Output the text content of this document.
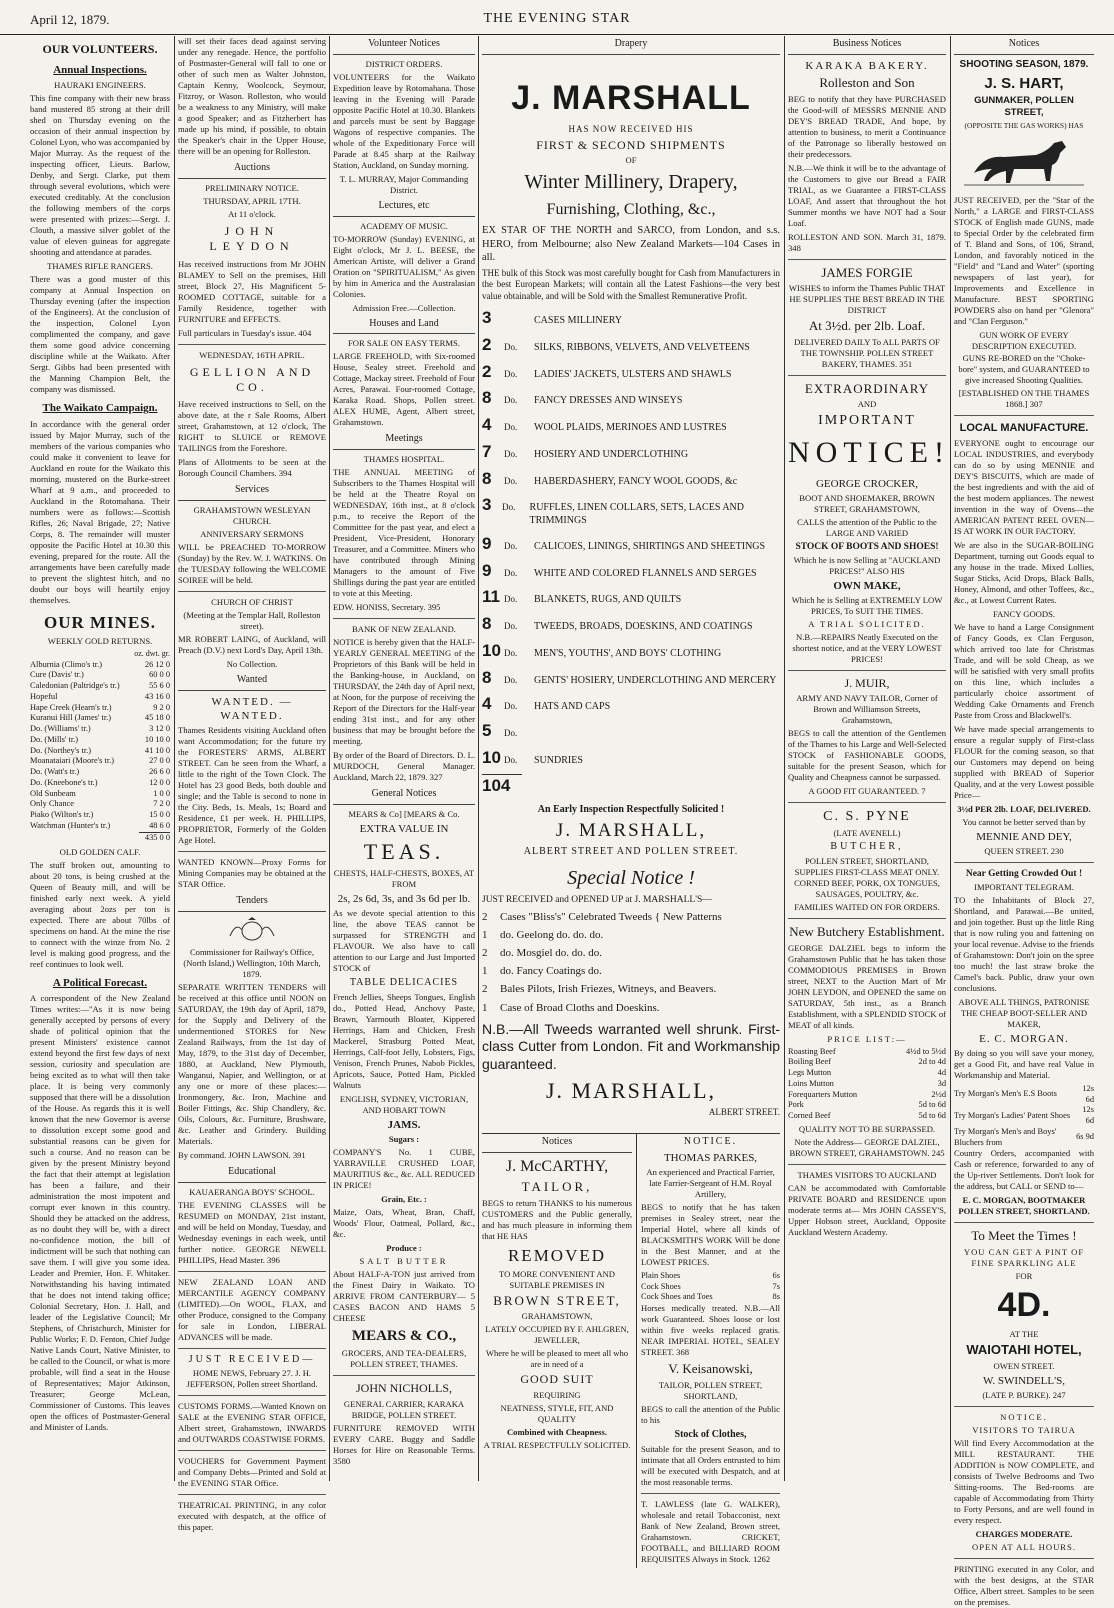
April 12, 1879.	THE EVENING STAR
OUR VOLUNTEERS.
Annual Inspections.
HAURAKI ENGINEERS.
This fine company with their new brass band mustered 85 strong at their drill shed on Thursday evening on the occasion of their annual inspection by Colonel Lyon, who was accompanied by Major Murray. As the request of the inspecting officer, Lieuts. Barlow, Denby, and Sergt. Clarke, put them through several evolutions, which were executed creditably. At the conclusion the following members of the corps were presented with prizes:—Sergt. J. Clouth, a massive silver goblet of the value of eleven guineas for aggregate shooting and attendance at parades.
THAMES RIFLE RANGERS.
There was a good muster of this company at Annual Inspection on Thursday evening (after the inspection of the Engineers). At the conclusion of the inspection, Colonel Lyon complimented the company, and gave them some good advice concerning discipline while at the Waikato. After Sergt. Gibbs had been presented with the Manning Champion Belt, the company was dismissed.
The Waikato Campaign.
In accordance with the general order issued by Major Murray, such of the members of the various companies who could make it convenient to leave for Auckland en route for the Waikato this morning, mustered on the Burke-street Wharf at 9 a.m., and proceeded to Auckland in the Rotomahana. Their numbers were as follows:—Scottish Rifles, 26; Naval Brigade, 27; Native Corps, 8. The remainder will muster opposite the Pacific Hotel at 10.30 this evening, prepared for the route. All the arrangements have been carefully made to prevent the slightest hitch, and no doubt our boys will heartily enjoy themselves.
OUR MINES.
WEEKLY GOLD RETURNS.
oz. dwt. gr.
Alburnia (Climo's tr.)	26 12 0
Cure (Davis' tr.)	60 0 0
Caledonian (Paltridge's tr.)	55 6 0
Hopeful	43 16 0
Hape Creek (Hearn's tr.)	9 2 0
Kuranui Hill (James' tr.)	45 18 0
Do. (Williams' tr.)	3 12 0
Do. (Mills' tr.)	10 10 0
Do. (Northey's tr.)	41 10 0
Moanataiari (Moore's tr.)	27 0 0
Do. (Watt's tr.)	26 6 0
Do. (Kneebone's tr.)	12 0 0
Old Sunbeam	1 0 0
Only Chance	7 2 0
Piako (Wilton's tr.)	15 0 0
Watchman (Hunter's tr.)	48 6 0
	435 0 0
OLD GOLDEN CALF.
The stuff broken out, amounting to about 20 tons, is being crushed at the Queen of Beauty mill, and will be finished early next week. A yield averaging about 2ozs per ton is expected. There are about 70lbs of specimens on hand. At the mine the rise to connect with the winze from No. 2 level is making good progress, and the reef continues to look well.
A Political Forecast.
A correspondent of the New Zealand Times writes:—"As it is now being generally accepted by persons of every shade of political opinion that the present Ministers' existence cannot extend beyond the first few days of next session, curiosity and speculation are being excited as to what will then take place. It is being very commonly supposed that there will be a dissolution of the House. As regards this it is well known that the new Governor is averse to dissolution except some good and substantial reasons can be given for such a course. And no reason can be given by the present Ministry beyond the fact that their attempt at legislation has been a failure, and their administration the most impotent and corrupt ever known in this country. Should they be attacked on the address, as no doubt they will be, with a direct no-confidence motion, the bill of indictment will be such that nothing can save them. I will give you some idea. Leader and Premier, Hon. F. Whitaker. Notwithstanding his having intimated that he does not intend taking office; Colonial Secretary, Hon. J. Hall, and leader of the Legislative Council; Mr Stephens, of Christchurch, Minister for Public Works; F. D. Fenton, Chief Judge Native Lands Court, Native Minister, to be called to the Council, or what is more probable, will find a seat in the House of Representatives; Major Atkinson, Treasurer; George McLean, Commissioner of Customs. This leaves open the offices of Postmaster-General and Minister of Lands.
will set their faces dead against serving under any renegade. Hence, the portfolio of Postmaster-General will fall to one or other of such men as Walter Johnston, Captain Kenny, Woolcock, Seymour, Fitzroy, or Wason. Rolleston, who would be a weakness to any Ministry, will make a good Speaker; and as Fitzherbert has made up his mind, if possible, to obtain the Speaker's chair in the Upper House, there will be an opening for Rolleston.
Auctions
PRELIMINARY NOTICE.
THURSDAY, APRIL 17TH.
At 11 o'clock.
JOHN LEYDON
Has received instructions from Mr JOHN BLAMEY to Sell on the premises, Hill street, Block 27, His Magnificent 5-ROOMED COTTAGE, suitable for a Family Residence, together with FURNITURE and EFFECTS.
Full particulars in Tuesday's issue. 404
WEDNESDAY, 16TH APRIL.
GELLION AND CO.
Have received instructions to Sell, on the above date, at the r Sale Rooms, Albert street, Grahamstown, at 12 o'clock, The RIGHT to SLUICE or REMOVE TAILINGS from the Foreshore.
Plans of Allotments to be seen at the Borough Council Chambers. 394
Services
GRAHAMSTOWN WESLEYAN CHURCH.
ANNIVERSARY SERMONS
WILL be PREACHED TO-MORROW (Sunday) by the Rev. W. J. WATKINS. On the TUESDAY following the WELCOME SOIREE will be held.
CHURCH OF CHRIST
(Meeting at the Templar Hall, Rolleston street).
MR ROBERT LAING, of Auckland, will Preach (D.V.) next Lord's Day, April 13th.
No Collection.
Wanted
WANTED. — WANTED.
Thames Residents visiting Auckland often want Accommodation; for the future try the FORESTERS' ARMS, ALBERT STREET. Can be seen from the Wharf, a little to the right of the Town Clock. The Hotel has 23 good Beds, both double and single; and the Table is second to none in the City. Beds, 1s. Meals, 1s; Board and Residence, £1 per week. H. PHILLIPS, PROPRIETOR, Formerly of the Golden Age Hotel.
WANTED KNOWN—Proxy Forms for Mining Companies may be obtained at the STAR Office.
Tenders
Commissioner for Railway's Office, (North Island,) Wellington, 10th March, 1879.
SEPARATE WRITTEN TENDERS will be received at this office until NOON on SATURDAY, the 19th day of April, 1879, for the Supply and Delivery of the undermentioned STORES for New Zealand Railways, from the 1st day of May, 1879, to the 31st day of December, 1880, at Auckland, New Plymouth, Wanganui, Napier, and Wellington, or at any one or more of these places:— Ironmongery, &c. Iron, Machine and Boiler Fittings, &c. Ship Chandlery, &c. Oils, Colours, &c. Furniture, Brushware, &c. Leather and Grindery. Building Materials.
By command. JOHN LAWSON. 391
Educational
KAUAERANGA BOYS' SCHOOL.
THE EVENING CLASSES will be RESUMED on MONDAY, 21st instant, and will be held on Monday, Tuesday, and Wednesday evenings in each week, until further notice. GEORGE NEWELL PHILLIPS, Head Master. 396
NEW ZEALAND LOAN AND MERCANTILE AGENCY COMPANY (LIMITED).—On WOOL, FLAX, and other Produce, consigned to the Company for sale in London, LIBERAL ADVANCES will be made.
JUST RECEIVED—
HOME NEWS, February 27. J. H. JEFFERSON, Pollen street Shortland.
CUSTOMS FORMS.—Wanted Known on SALE at the EVENING STAR OFFICE, Albert street, Grahamstown, INWARDS and OUTWARDS COASTWISE FORMS.
VOUCHERS for Government Payment and Company Debts—Printed and Sold at the EVENING STAR Office.
THEATRICAL PRINTING, in any color executed with despatch, at the office of this paper.
Volunteer Notices
DISTRICT ORDERS.
VOLUNTEERS for the Waikato Expedition leave by Rotomahana. Those leaving in the Evening will Parade opposite Pacific Hotel at 10.30. Blankets and parcels must be sent by Baggage Wagons of respective companies. The whole of the Expeditionary Force will Parade at 8.45 sharp at the Railway Station, Auckland, on Sunday morning.
T. L. MURRAY, Major Commanding District.
Lectures, etc
ACADEMY OF MUSIC.
TO-MORROW (Sunday) EVENING, at Eight o'clock, Mr J. L. BEESE, the American Artiste, will deliver a Grand Oration on "SPIRITUALISM," As given by him in America and the Australasian Colonies.
Admission Free.—Collection.
Houses and Land
FOR SALE ON EASY TERMS.
LARGE FREEHOLD, with Six-roomed House, Sealey street. Freehold and Cottage, Mackay street. Freehold of Four Acres, Parawai. Four-roomed Cottage, Karaka Road. Shops, Pollen street. ALEX HUME, Agent, Albert street, Grahamstown.
Meetings
THAMES HOSPITAL.
THE ANNUAL MEETING of Subscribers to the Thames Hospital will be held at the Theatre Royal on WEDNESDAY, 16th inst., at 8 o'clock p.m., to receive the Report of the Committee for the past year, and elect a President, Vice-President, Honorary Treasurer, and a Committee. Miners who have contributed through Mining Managers to the amount of Five Shillings during the past year are entitled to vote at this Meeting.
EDW. HONISS, Secretary. 395
BANK OF NEW ZEALAND.
NOTICE is hereby given that the HALF-YEARLY GENERAL MEETING of the Proprietors of this Bank will be held in the Banking-house, in Auckland, on THURSDAY, the 24th day of April next, at Noon, for the purpose of receiving the Report of the Directors for the Half-year ending 31st inst., and for any other business that may be brought before the meeting.
By order of the Board of Directors. D. L. MURDOCH, General Manager. Auckland, March 22, 1879. 327
General Notices
MEARS & Co] [MEARS & Co.
EXTRA VALUE IN
TEAS.
CHESTS, HALF-CHESTS, BOXES, AT FROM
2s, 2s 6d, 3s, and 3s 6d per lb.
As we devote special attention to this line, the above TEAS cannot be surpassed for STRENGTH and FLAVOUR. We also have to call attention to our Large and Just Imported STOCK of
TABLE DELICACIES
French Jellies, Sheeps Tongues, English do., Potted Head, Anchovy Paste, Brawn, Yarmouth Bloater, Kippered Herrings, Ham and Chicken, Fresh Mackerel, Strasburg Potted Meat, Herrings, Calf-foot Jelly, Lobsters, Figs, Venison, French Prunes, Nabob Pickles, Apricots, Sauce, Potted Ham, Pickled Walnuts
ENGLISH, SYDNEY, VICTORIAN, AND HOBART TOWN
JAMS.
Sugars :
COMPANY'S No. 1 CUBE, YARRAVILLE CRUSHED LOAF, MAURITIUS &c., &c. ALL REDUCED IN PRICE!
Grain, Etc. :
Maize, Oats, Wheat, Bran, Chaff, Woods' Flour, Oatmeal, Pollard, &c., &c.
Produce :
SALT BUTTER
About HALF-A-TON just arrived from the Finest Dairy in Waikato. TO ARRIVE FROM CANTERBURY— 5 CASES BACON AND HAMS 5 CHEESE
MEARS & CO.,
GROCERS, AND TEA-DEALERS, POLLEN STREET, THAMES.
JOHN NICHOLLS,
GENERAL CARRIER, KARAKA BRIDGE, POLLEN STREET.
FURNITURE REMOVED WITH EVERY CARE. Buggy and Saddle Horses for Hire on Reasonable Terms. 3580
Drapery
J. MARSHALL
HAS NOW RECEIVED HIS
FIRST & SECOND SHIPMENTS
OF
Winter Millinery, Drapery,
Furnishing, Clothing, &c.,
EX STAR OF THE NORTH and SARCO, from London, and s.s. HERO, from Melbourne; also New Zealand Markets—104 Cases in all.
THE bulk of this Stock was most carefully bought for Cash from Manufacturers in the best European Markets; will contain all the Latest Fashions—the very best value obtainable, and will be Sold with the Smallest Remunerative Profit.
3	CASES MILLINERY
2	Do.	SILKS, RIBBONS, VELVETS, AND VELVETEENS
2	Do.	LADIES' JACKETS, ULSTERS AND SHAWLS
8	Do.	FANCY DRESSES AND WINSEYS
4	Do.	WOOL PLAIDS, MERINOES AND LUSTRES
7	Do.	HOSIERY AND UNDERCLOTHING
8	Do.	HABERDASHERY, FANCY WOOL GOODS, &c
3	Do.	RUFFLES, LINEN COLLARS, SETS, LACES AND TRIMMINGS
9	Do.	CALICOES, LININGS, SHIRTINGS AND SHEETINGS
9	Do.	WHITE AND COLORED FLANNELS AND SERGES
11 Do.	BLANKETS, RUGS, AND QUILTS
8	Do.	TWEEDS, BROADS, DOESKINS, AND COATINGS
10 Do.	MEN'S, YOUTHS', AND BOYS' CLOTHING
8	Do.	GENTS' HOSIERY, UNDERCLOTHING AND MERCERY
4	Do.	HATS AND CAPS
5	Do.
10 Do.	SUNDRIES
104
An Early Inspection Respectfully Solicited !
J. MARSHALL,
ALBERT STREET AND POLLEN STREET.
Special Notice !
JUST RECEIVED and OPENED UP at J. MARSHALL'S—
2	Cases "Bliss's" Celebrated Tweeds { New Patterns
1	do. Geelong do. do. do.
2	do. Mosgiel do. do. do.
1	do. Fancy Coatings do.
2	Bales Pilots, Irish Friezes, Witneys, and Beavers.
1	Case of Broad Cloths and Doeskins.
N.B.—All Tweeds warranted well shrunk. First-class Cutter from London. Fit and Workmanship guaranteed.
J. MARSHALL,
ALBERT STREET.
Notices
J. McCARTHY,
TAILOR,
BEGS to return THANKS to his numerous CUSTOMERS and the Public generally, and has much pleasure in informing them that HE HAS
REMOVED
TO MORE CONVENIENT AND SUITABLE PREMISES IN
BROWN STREET,
GRAHAMSTOWN,
LATELY OCCUPIED BY F. AHLGREN, JEWELLER,
Where he will be pleased to meet all who are in need of a
GOOD SUIT
REQUIRING
NEATNESS, STYLE, FIT, AND QUALITY
Combined with Cheapness.
A TRIAL RESPECTFULLY SOLICITED.
NOTICE.
THOMAS PARKES,
An experienced and Practical Farrier, late Farrier-Sergeant of H.M. Royal Artillery,
BEGS to notify that he has taken premises in Sealey street, near the Imperial Hotel, where all kinds of BLACKSMITH'S WORK Will be done in the Best Manner, and at the LOWEST PRICES.
Plain Shoes	6s
Cock Shoes	7s
Cock Shoes and Toes	8s
Horses medically treated. N.B.—All work Guaranteed. Shoes loose or lost within five weeks replaced gratis. NEAR IMPERIAL HOTEL, SEALEY STREET. 368
V. Keisanowski,
TAILOR, POLLEN STREET, SHORTLAND,
BEGS to call the attention of the Public to his
Stock of Clothes,
Suitable for the present Season, and to intimate that all Orders entrusted to him will be executed with Despatch, and at the most reasonable terms.
T. LAWLESS (late G. WALKER), wholesale and retail Tobacconist, next Bank of New Zealand, Brown street, Grahamstown. CRICKET, FOOTBALL, and BILLIARD ROOM REQUISITES Always in Stock. 1262
Business Notices
KARAKA BAKERY.
Rolleston and Son
BEG to notify that they have PURCHASED the Good-will of MESSRS MENNIE AND DEY'S BREAD TRADE, And hope, by attention to business, to merit a Continuance of the Patronage so liberally bestowed on their predecessors.
N.B.—We think it will be to the advantage of the Customers to give our Bread a FAIR TRIAL, as we Guarantee a FIRST-CLASS LOAF, And assert that throughout the hot Summer months we have NOT had a Sour Loaf.
ROLLESTON AND SON. March 31, 1879. 348
JAMES FORGIE
WISHES to inform the Thames Public THAT HE SUPPLIES THE BEST BREAD IN THE DISTRICT
At 3½d. per 2lb. Loaf.
DELIVERED DAILY To ALL PARTS OF THE TOWNSHIP. POLLEN STREET BAKERY, THAMES. 351
EXTRAORDINARY
AND
IMPORTANT
NOTICE!
GEORGE CROCKER,
BOOT AND SHOEMAKER, BROWN STREET, GRAHAMSTOWN,
CALLS the attention of the Public to the LARGE AND VARIED
STOCK OF BOOTS AND SHOES!
Which he is now Selling at "AUCKLAND PRICES!" ALSO HIS
OWN MAKE,
Which he is Selling at EXTREMELY LOW PRICES, To SUIT THE TIMES.
A TRIAL SOLICITED.
N.B.—REPAIRS Neatly Executed on the shortest notice, and at the VERY LOWEST PRICES!
J. MUIR,
ARMY AND NAVY TAILOR, Corner of Brown and Williamson Streets, Grahamstown,
BEGS to call the attention of the Gentlemen of the Thames to his Large and Well-Selected STOCK of FASHIONABLE GOODS, suitable for the present Season, which for Quality and Cheapness cannot be surpassed.
A GOOD FIT GUARANTEED. 7
C. S. PYNE
(LATE AVENELL)
BUTCHER,
POLLEN STREET, SHORTLAND, SUPPLIES FIRST-CLASS MEAT ONLY. CORNED BEEF, PORK, OX TONGUES, SAUSAGES, POULTRY, &c.
FAMILIES WAITED ON FOR ORDERS.
New Butchery Establishment.
GEORGE DALZIEL begs to inform the Grahamstown Public that he has taken those COMMODIOUS PREMISES in Brown street, NEXT to the Auction Mart of Mr JOHN LEYDON, and OPENED the same on SATURDAY, 5th inst., as a Branch Establishment, with a SPLENDID STOCK of MEAT of all kinds.
PRICE LIST:—
Roasting Beef	4½d to 5½d
Boiling Beef	2d to 4d
Legs Mutton	4d
Loins Mutton	3d
Forequarters Mutton	2½d
Pork	5d to 6d
Corned Beef	5d to 6d
QUALITY NOT TO BE SURPASSED.
Note the Address— GEORGE DALZIEL, BROWN STREET, GRAHAMSTOWN. 245
THAMES VISITORS TO AUCKLAND
CAN be accommodated with Comfortable PRIVATE BOARD and RESIDENCE upon moderate terms at— Mrs JOHN CASSEY'S, Upper Hobson street, Auckland, Opposite Auckland Western Academy.
Notices
SHOOTING SEASON, 1879.
J. S. HART,
GUNMAKER, POLLEN STREET,
(OPPOSITE THE GAS WORKS) HAS
JUST RECEIVED, per the "Star of the North," a LARGE and FIRST-CLASS STOCK of English made GUNS, made to Special Order by the celebrated firm of T. Bland and Sons, of 106, Strand, London, and favorably noticed in the "Field" and "Land and Water" (sporting newspapers of last year), for Improvements and Excellence in Manufacture. BEST SPORTING POWDERS also on hand per "Glenora" and "Clan Ferguson."
GUN WORK OF EVERY DESCRIPTION EXECUTED.
GUNS RE-BORED on the "Choke-bore" system, and GUARANTEED to give increased Shooting Qualities.
[ESTABLISHED ON THE THAMES 1868.] 307
LOCAL MANUFACTURE.
EVERYONE ought to encourage our LOCAL INDUSTRIES, and everybody can do so by using MENNIE and DEY'S BISCUITS, which are made of the best ingredients and with the aid of the best modern appliances. The newest invention in the way of Ovens—the AMERICAN PATENT REEL OVEN—IS AT WORK IN OUR FACTORY.
We are also in the SUGAR-BOILING Department, turning out Goods equal to any house in the trade. Mixed Lollies, Sugar Sticks, Acid Drops, Black Balls, Honey, Almond, and other Toffees, &c., &c., at Lowest Current Rates.
FANCY GOODS.
We have to hand a Large Consignment of Fancy Goods, ex Clan Ferguson, which arrived too late for Christmas Trade, and will be sold Cheap, as we will be satisfied with very small profits on this line, which includes a particularly choice assortment of Wedding Cake Ornaments and French Paste from Cross and Blackwell's.
We have made special arrangements to ensure a regular supply of First-class FLOUR for the coming season, so that our Customers may depend on being supplied with BREAD of Superior Quality, and at the very Lowest possible Price—
3½d PER 2lb. LOAF, DELIVERED.
You cannot be better served than by
MENNIE AND DEY,
QUEEN STREET. 230
Near Getting Crowded Out !
IMPORTANT TELEGRAM.
TO the Inhabitants of Block 27, Shortland, and Parawai.—Be united, and join together. Bust up the little Ring that is now ruling you and fattening on your local revenue. Advise to the friends of Grahamstown: Don't join on the spree too much! the last straw broke the Camel's back. Public, draw your own conclusions.
ABOVE ALL THINGS, PATRONISE THE CHEAP BOOT-SELLER AND MAKER,
E. C. MORGAN.
By doing so you will save your money, get a Good Fit, and have real Value in Workmanship and Material.
Try Morgan's Men's E.S Boots	12s 6d
Try Morgan's Ladies' Patent Shoes	12s 6d
Try Morgan's Men's and Boys' Bluchers from	6s 9d
Country Orders, accompanied with Cash or reference, forwarded to any of the Up-river Settlements. Don't look for the address, but CALL or SEND to—
E. C. MORGAN, BOOTMAKER POLLEN STREET, SHORTLAND.
To Meet the Times !
YOU CAN GET A PINT OF FINE SPARKLING ALE
FOR
4D.
AT THE
WAIOTAHI HOTEL,
OWEN STREET.
W. SWINDELL'S,
(LATE P. BURKE). 247
NOTICE.
VISITORS TO TAIRUA
Will find Every Accommodation at the MILL RESTAURANT. THE ADDITION is NOW COMPLETE, and consists of Twelve Bedrooms and Two Sitting-rooms. The Bed-rooms are capable of Accommodating from Thirty to Forty Persons, and are well found in every respect.
CHARGES MODERATE.
OPEN AT ALL HOURS.
PRINTING executed in any Color, and with the best designs, at the STAR Office, Albert street. Samples to be seen on the premises.
